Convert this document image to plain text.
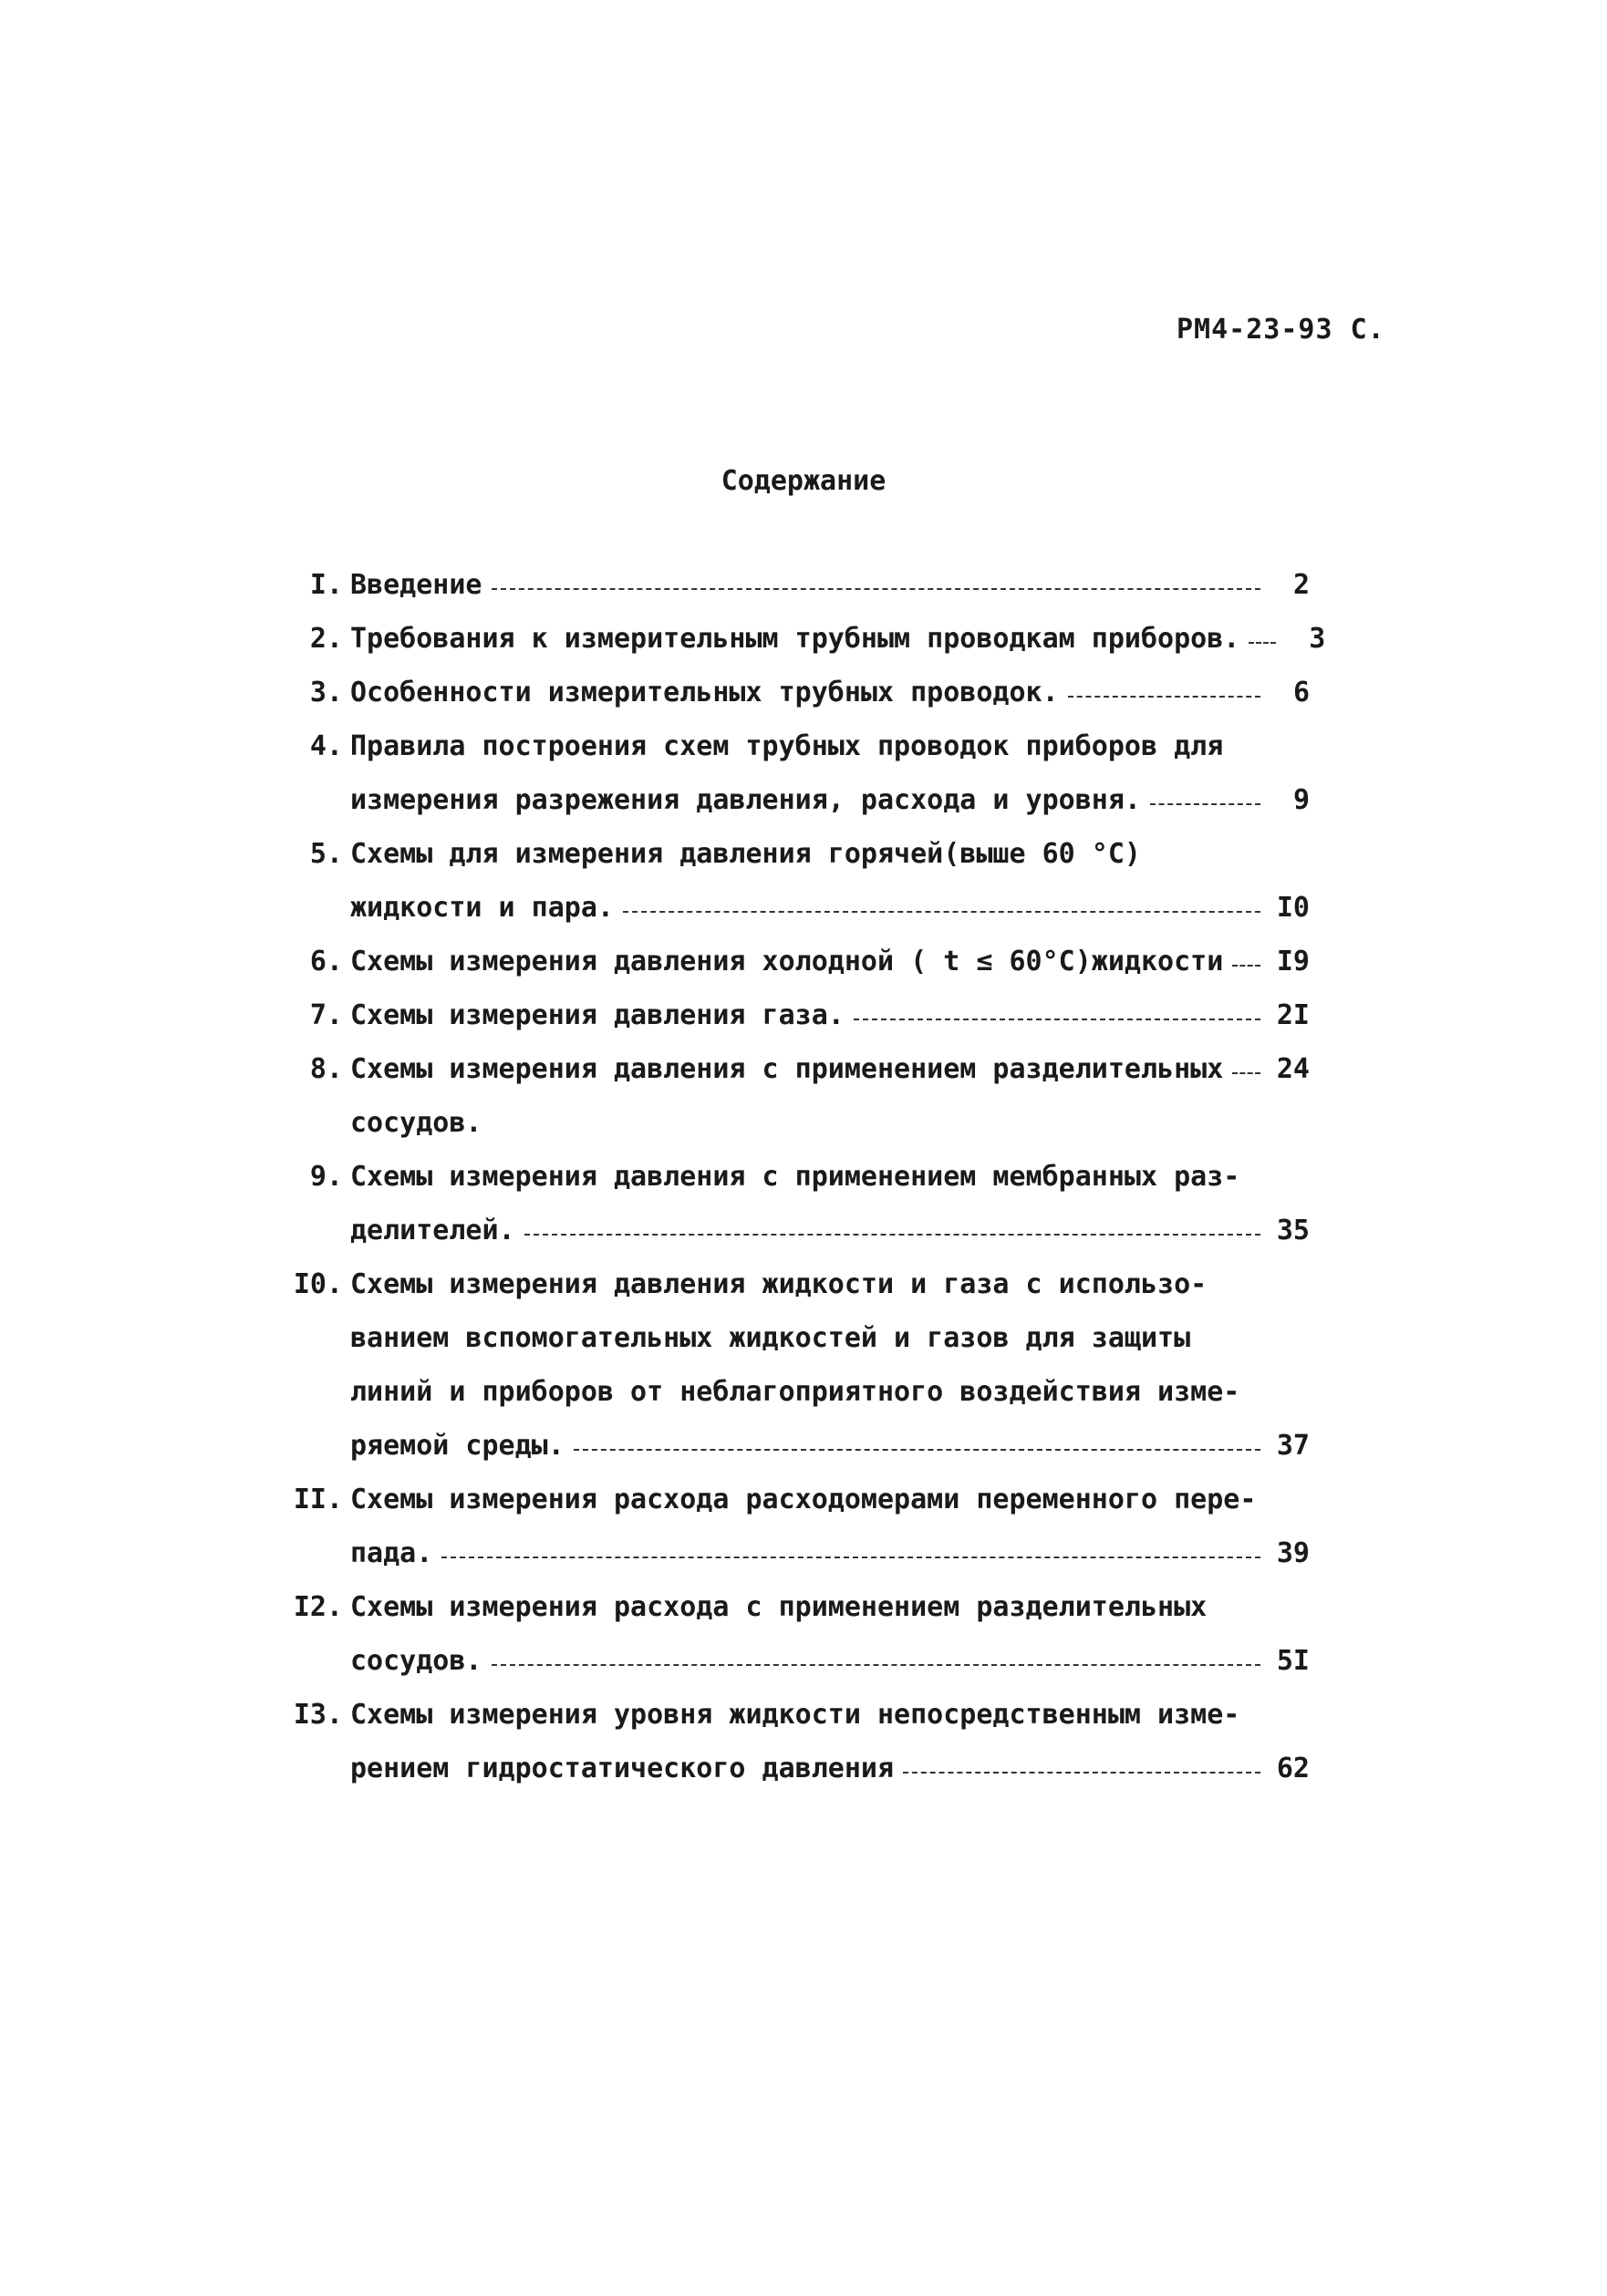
РМ4-23-93 С.
Содержание
I. Введение	2
2. Требования к измерительным трубным проводкам приборов.	3
3. Особенности измерительных трубных проводок.	6
4. Правила построения схем трубных проводок приборов для
измерения разрежения давления, расхода и уровня.	9
5. Схемы для измерения давления горячей(выше 60 °С)
жидкости и пара.	I0
6. Схемы измерения давления холодной ( t ≤ 60°С)жидкости I9
7. Схемы измерения давления газа.	2I
8. Схемы измерения давления с применением разделительных 24
сосудов.
9. Схемы измерения давления с применением мембранных раз-
делителей.	35
I0. Схемы измерения давления жидкости и газа с использо-
ванием вспомогательных жидкостей и газов для защиты
линий и приборов от неблагоприятного воздействия изме-
ряемой среды.	37
II. Схемы измерения расхода расходомерами переменного пере-
пада.	39
I2. Схемы измерения расхода с применением разделительных
сосудов.	5I
I3. Схемы измерения уровня жидкости непосредственным изме-
рением гидростатического давления	62
